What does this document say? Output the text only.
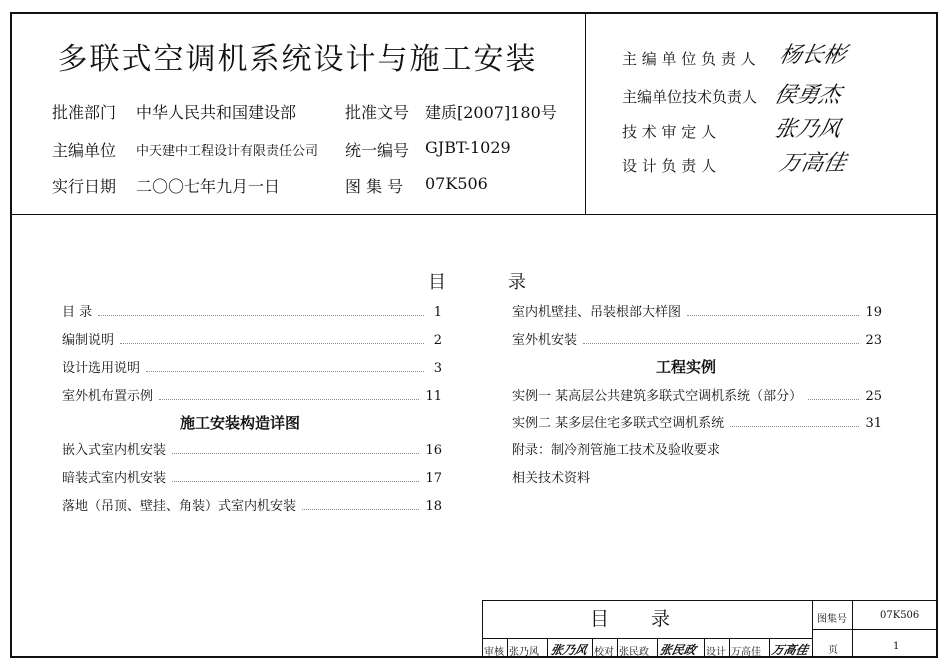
多联式空调机系统设计与施工安装
批准部门 中华人民共和国建设部	批准文号 建质[2007]180号
主编单位 中天建中工程设计有限责任公司 统一编号 GJBT-1029
实行日期 二〇〇七年九月一日	图 集 号 07K506
主 编 单 位 负 责 人 杨长彬
主编单位技术负责人 侯勇杰
技 术 审 定 人	张乃风
设 计 负 责 人	万高佳
目	录
目 录	1
编制说明	2
设计选用说明	3
室外机布置示例	11
施工安装构造详图
嵌入式室内机安装	16
暗装式室内机安装	17
落地（吊顶、壁挂、角装）式室内机安装	18
室内机壁挂、吊装根部大样图	19
室外机安装	23
工程实例
实例一 某高层公共建筑多联式空调机系统（部分）	25
实例二 某多层住宅多联式空调机系统	31
附录：制冷剂管施工技术及验收要求
相关技术资料
目 录	图集号	07K506
页	1
审核 张乃风 张乃风 校对 张民政 张民政 设计 万高佳 万高佳
